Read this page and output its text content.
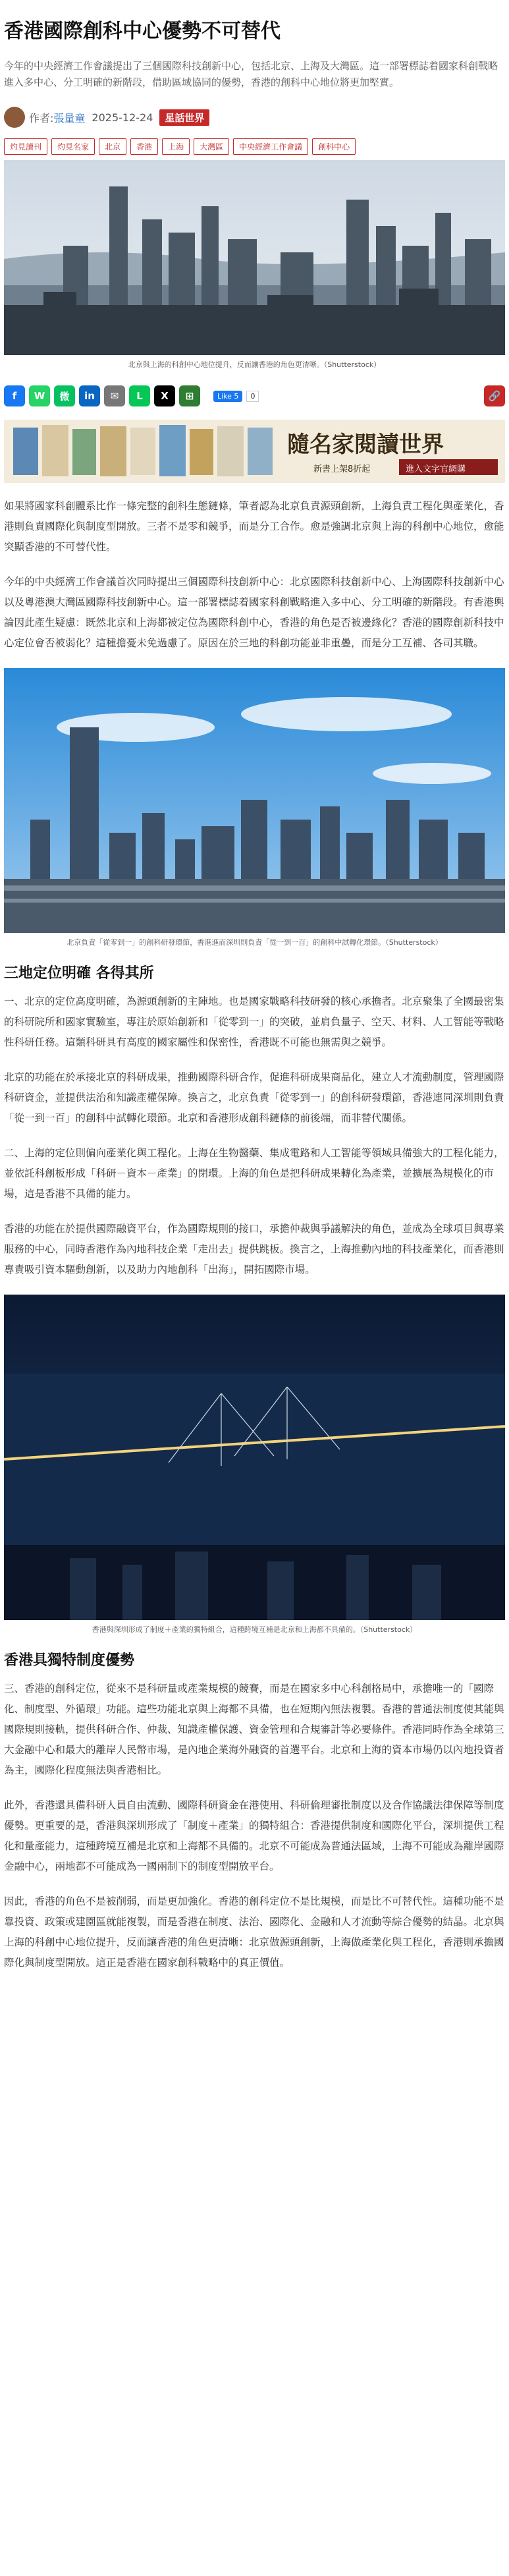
香港國際創科中心優勢不可替代
今年的中央經濟工作會議提出了三個國際科技創新中心，包括北京、上海及大灣區。這一部署標誌着國家科創戰略進入多中心、分工明確的新階段，借助區域協同的優勢，香港的創科中心地位將更加堅實。
作者: 張量童 2025-12-24	星話世界
灼見讀刊	灼見名家	北京	香港	上海	大灣區	中央經濟工作會議	創科中心
北京與上海的科創中心地位提升，反而讓香港的角色更清晰。（Shutterstock）
f	W	微	in	✉	L	X	⊞	Like 5	0	🔗
隨名家閱讀世界
新書上架8折起	進入文字官網購

如果將國家科創體系比作一條完整的創科生態鏈條，筆者認為北京負責源頭創新，上海負責工程化與產業化，香港則負責國際化與制度型開放。三者不是零和競爭，而是分工合作。愈是強調北京與上海的科創中心地位，愈能突顯香港的不可替代性。

今年的中央經濟工作會議首次同時提出三個國際科技創新中心：北京國際科技創新中心、上海國際科技創新中心以及粵港澳大灣區國際科技創新中心。這一部署標誌着國家科創戰略進入多中心、分工明確的新階段。有香港輿論因此產生疑慮：既然北京和上海都被定位為國際科創中心，香港的角色是否被邊緣化？香港的國際創新科技中心定位會否被弱化？這種擔憂未免過慮了。原因在於三地的科創功能並非重疊，而是分工互補、各司其職。

北京負責「從零到一」的創科研發環節，香港進而深圳則負責「從一到一百」的創科中試轉化環節。（Shutterstock）
三地定位明確 各得其所

一、北京的定位高度明確，為源頭創新的主陣地。也是國家戰略科技研發的核心承擔者。北京聚集了全國最密集的科研院所和國家實驗室，專注於原始創新和「從零到一」的突破，並肩負量子、空天、材料、人工智能等戰略性科研任務。這類科研具有高度的國家屬性和保密性，香港既不可能也無需與之競爭。

北京的功能在於承接北京的科研成果，推動國際科研合作，促進科研成果商品化，建立人才流動制度，管理國際科研資金，並提供法治和知識產權保障。換言之，北京負責「從零到一」的創科研發環節，香港連同深圳則負責「從一到一百」的創科中試轉化環節。北京和香港形成創科鏈條的前後端，而非替代關係。

二、上海的定位則偏向產業化與工程化。上海在生物醫藥、集成電路和人工智能等領域具備強大的工程化能力，並依託科創板形成「科研－資本－產業」的閉環。上海的角色是把科研成果轉化為產業，並擴展為規模化的市場，這是香港不具備的能力。

香港的功能在於提供國際融資平台，作為國際規則的接口，承擔仲裁與爭議解決的角色，並成為全球項目與專業服務的中心，同時香港作為內地科技企業「走出去」提供跳板。換言之，上海推動內地的科技產業化，而香港則專責吸引資本驅動創新，以及助力內地創科「出海」，開拓國際市場。

香港與深圳形成了制度＋產業的獨特組合，這種跨境互補是北京和上海都不具備的。（Shutterstock）
香港具獨特制度優勢

三、香港的創科定位，從來不是科研量或產業規模的競賽，而是在國家多中心科創格局中，承擔唯一的「國際化、制度型、外循環」功能。這些功能北京與上海都不具備，也在短期內無法複製。香港的普通法制度使其能與國際規則接軌，提供科研合作、仲裁、知識產權保護、資金管理和合規審計等必要條件。香港同時作為全球第三大金融中心和最大的離岸人民幣市場，是內地企業海外融資的首選平台。北京和上海的資本市場仍以內地投資者為主，國際化程度無法與香港相比。

此外，香港還具備科研人員自由流動、國際科研資金在港使用、科研倫理審批制度以及合作協議法律保障等制度優勢。更重要的是，香港與深圳形成了「制度＋產業」的獨特組合：香港提供制度和國際化平台，深圳提供工程化和量產能力，這種跨境互補是北京和上海都不具備的。北京不可能成為普通法區域，上海不可能成為離岸國際金融中心，兩地都不可能成為一國兩制下的制度型開放平台。

因此，香港的角色不是被削弱，而是更加強化。香港的創科定位不是比規模，而是比不可替代性。這種功能不是靠投資、政策或建園區就能複製，而是香港在制度、法治、國際化、金融和人才流動等綜合優勢的結晶。北京與上海的科創中心地位提升，反而讓香港的角色更清晰：北京做源頭創新，上海做產業化與工程化，香港則承擔國際化與制度型開放。這正是香港在國家創科戰略中的真正價值。
